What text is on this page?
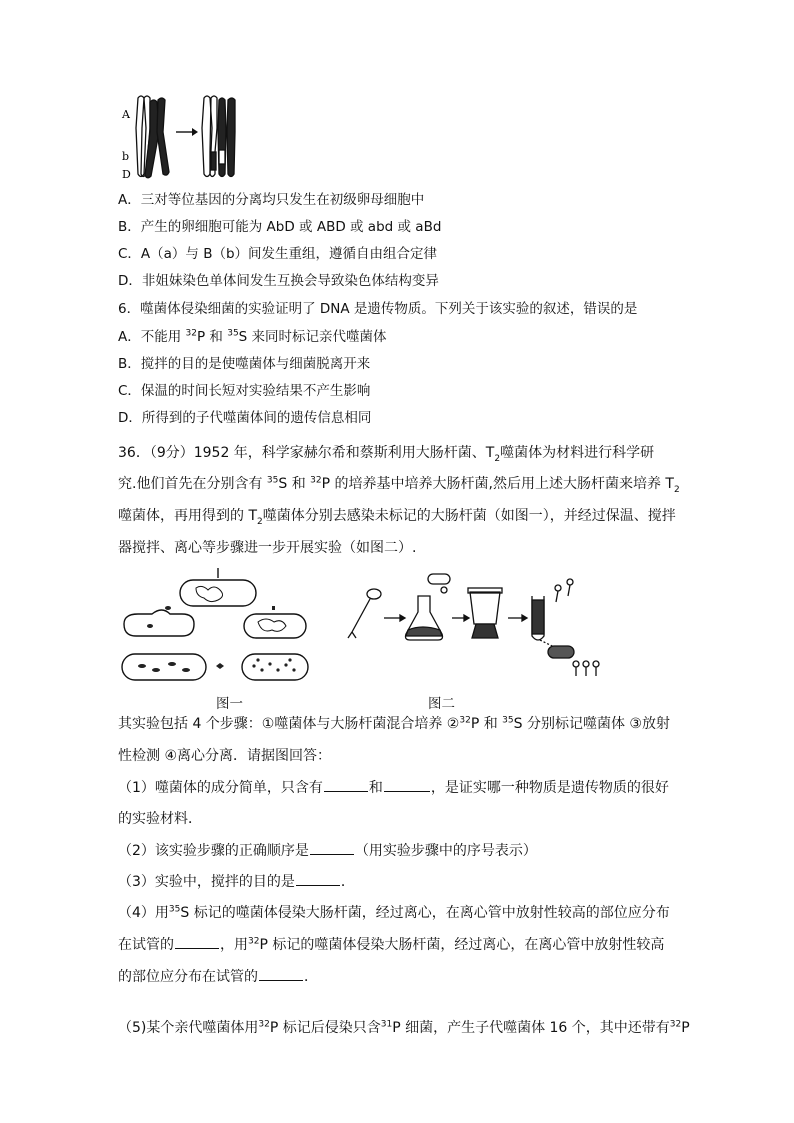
A
b
D
A．三对等位基因的分离均只发生在初级卵母细胞中
B．产生的卵细胞可能为 AbD 或 ABD 或 abd 或 aBd
C．A（a）与 B（b）间发生重组，遵循自由组合定律
D．非姐妹染色单体间发生互换会导致染色体结构变异
6．噬菌体侵染细菌的实验证明了 DNA 是遗传物质。下列关于该实验的叙述，错误的是
A．不能用 $^{32}$P 和 $^{35}$S 来同时标记亲代噬菌体
B．搅拌的目的是使噬菌体与细菌脱离开来
C．保温的时间长短对实验结果不产生影响
D．所得到的子代噬菌体间的遗传信息相同
36．（9分）1952 年，科学家赫尔希和蔡斯利用大肠杆菌、$T_2$噬菌体为材料进行科学研
究.他们首先在分别含有 $^{35}$S 和 $^{32}$P 的培养基中培养大肠杆菌,然后用上述大肠杆菌来培养 $T_2$
噬菌体，再用得到的 $T_2$噬菌体分别去感染未标记的大肠杆菌（如图一），并经过保温、搅拌
器搅拌、离心等步骤进一步开展实验（如图二）.
图一	图二
其实验包括 4 个步骤：①噬菌体与大肠杆菌混合培养 ②$^{32}$P 和 $^{35}$S 分别标记噬菌体 ③放射
性检测 ④离心分离．请据图回答：
（1）噬菌体的成分简单，只含有	和	，是证实哪一种物质是遗传物质的很好
的实验材料．
（2）该实验步骤的正确顺序是	（用实验步骤中的序号表示）
（3）实验中，搅拌的目的是	．
（4）用$^{35}$S 标记的噬菌体侵染大肠杆菌，经过离心，在离心管中放射性较高的部位应分布
在试管的	，用$^{32}$P 标记的噬菌体侵染大肠杆菌，经过离心，在离心管中放射性较高
的部位应分布在试管的	．
（5)某个亲代噬菌体用$^{32}$P 标记后侵染只含$^{31}$P 细菌，产生子代噬菌体 16 个，其中还带有$^{32}$P
